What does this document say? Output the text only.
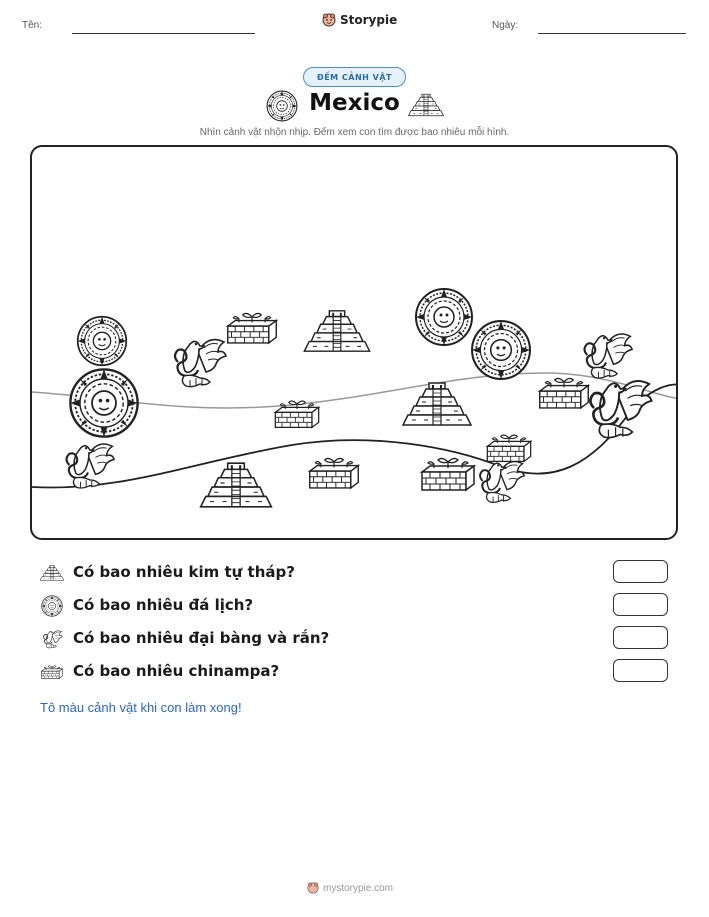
Tên:	Storypie	Ngày:
ĐẾM CẢNH VẬT
Mexico
Nhìn cảnh vật nhộn nhịp. Đếm xem con tìm được bao nhiêu mỗi hình.
Có bao nhiêu kim tự tháp?
Có bao nhiêu đá lịch?
Có bao nhiêu đại bàng và rắn?
Có bao nhiêu chinampa?
Tô màu cảnh vật khi con làm xong!
mystorypie.com
